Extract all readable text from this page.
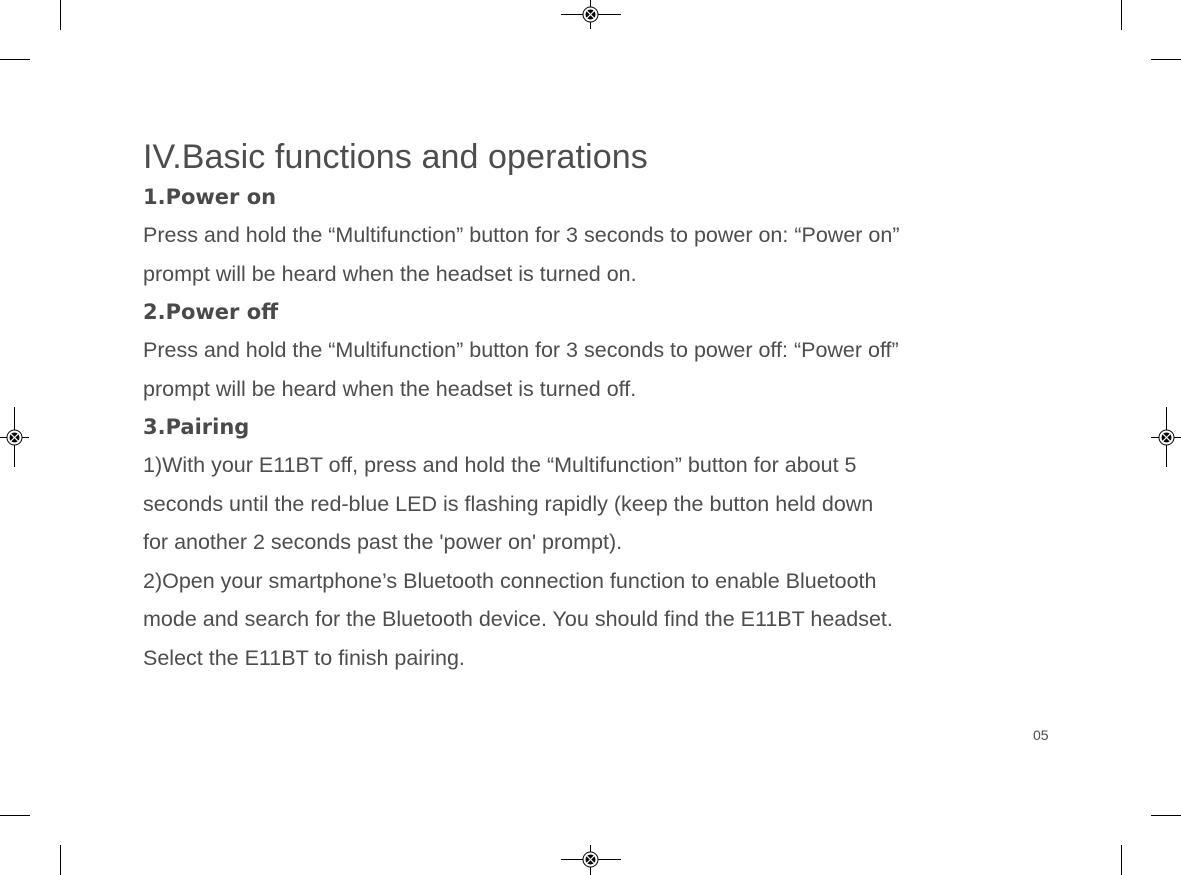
IV.Basic functions and operations
1.Power on

Press and hold the “Multifunction” button for 3 seconds to power on: “Power on”
prompt will be heard when the headset is turned on.

2.Power off

Press and hold the “Multifunction” button for 3 seconds to power off: “Power off”
prompt will be heard when the headset is turned off.

3.Pairing

1)With your E11BT off, press and hold the “Multifunction” button for about 5
seconds until the red-blue LED is flashing rapidly (keep the button held down
for another 2 seconds past the 'power on' prompt).

2)Open your smartphone’s Bluetooth connection function to enable Bluetooth
mode and search for the Bluetooth device. You should find the E11BT headset.
Select the E11BT to finish pairing.

05
